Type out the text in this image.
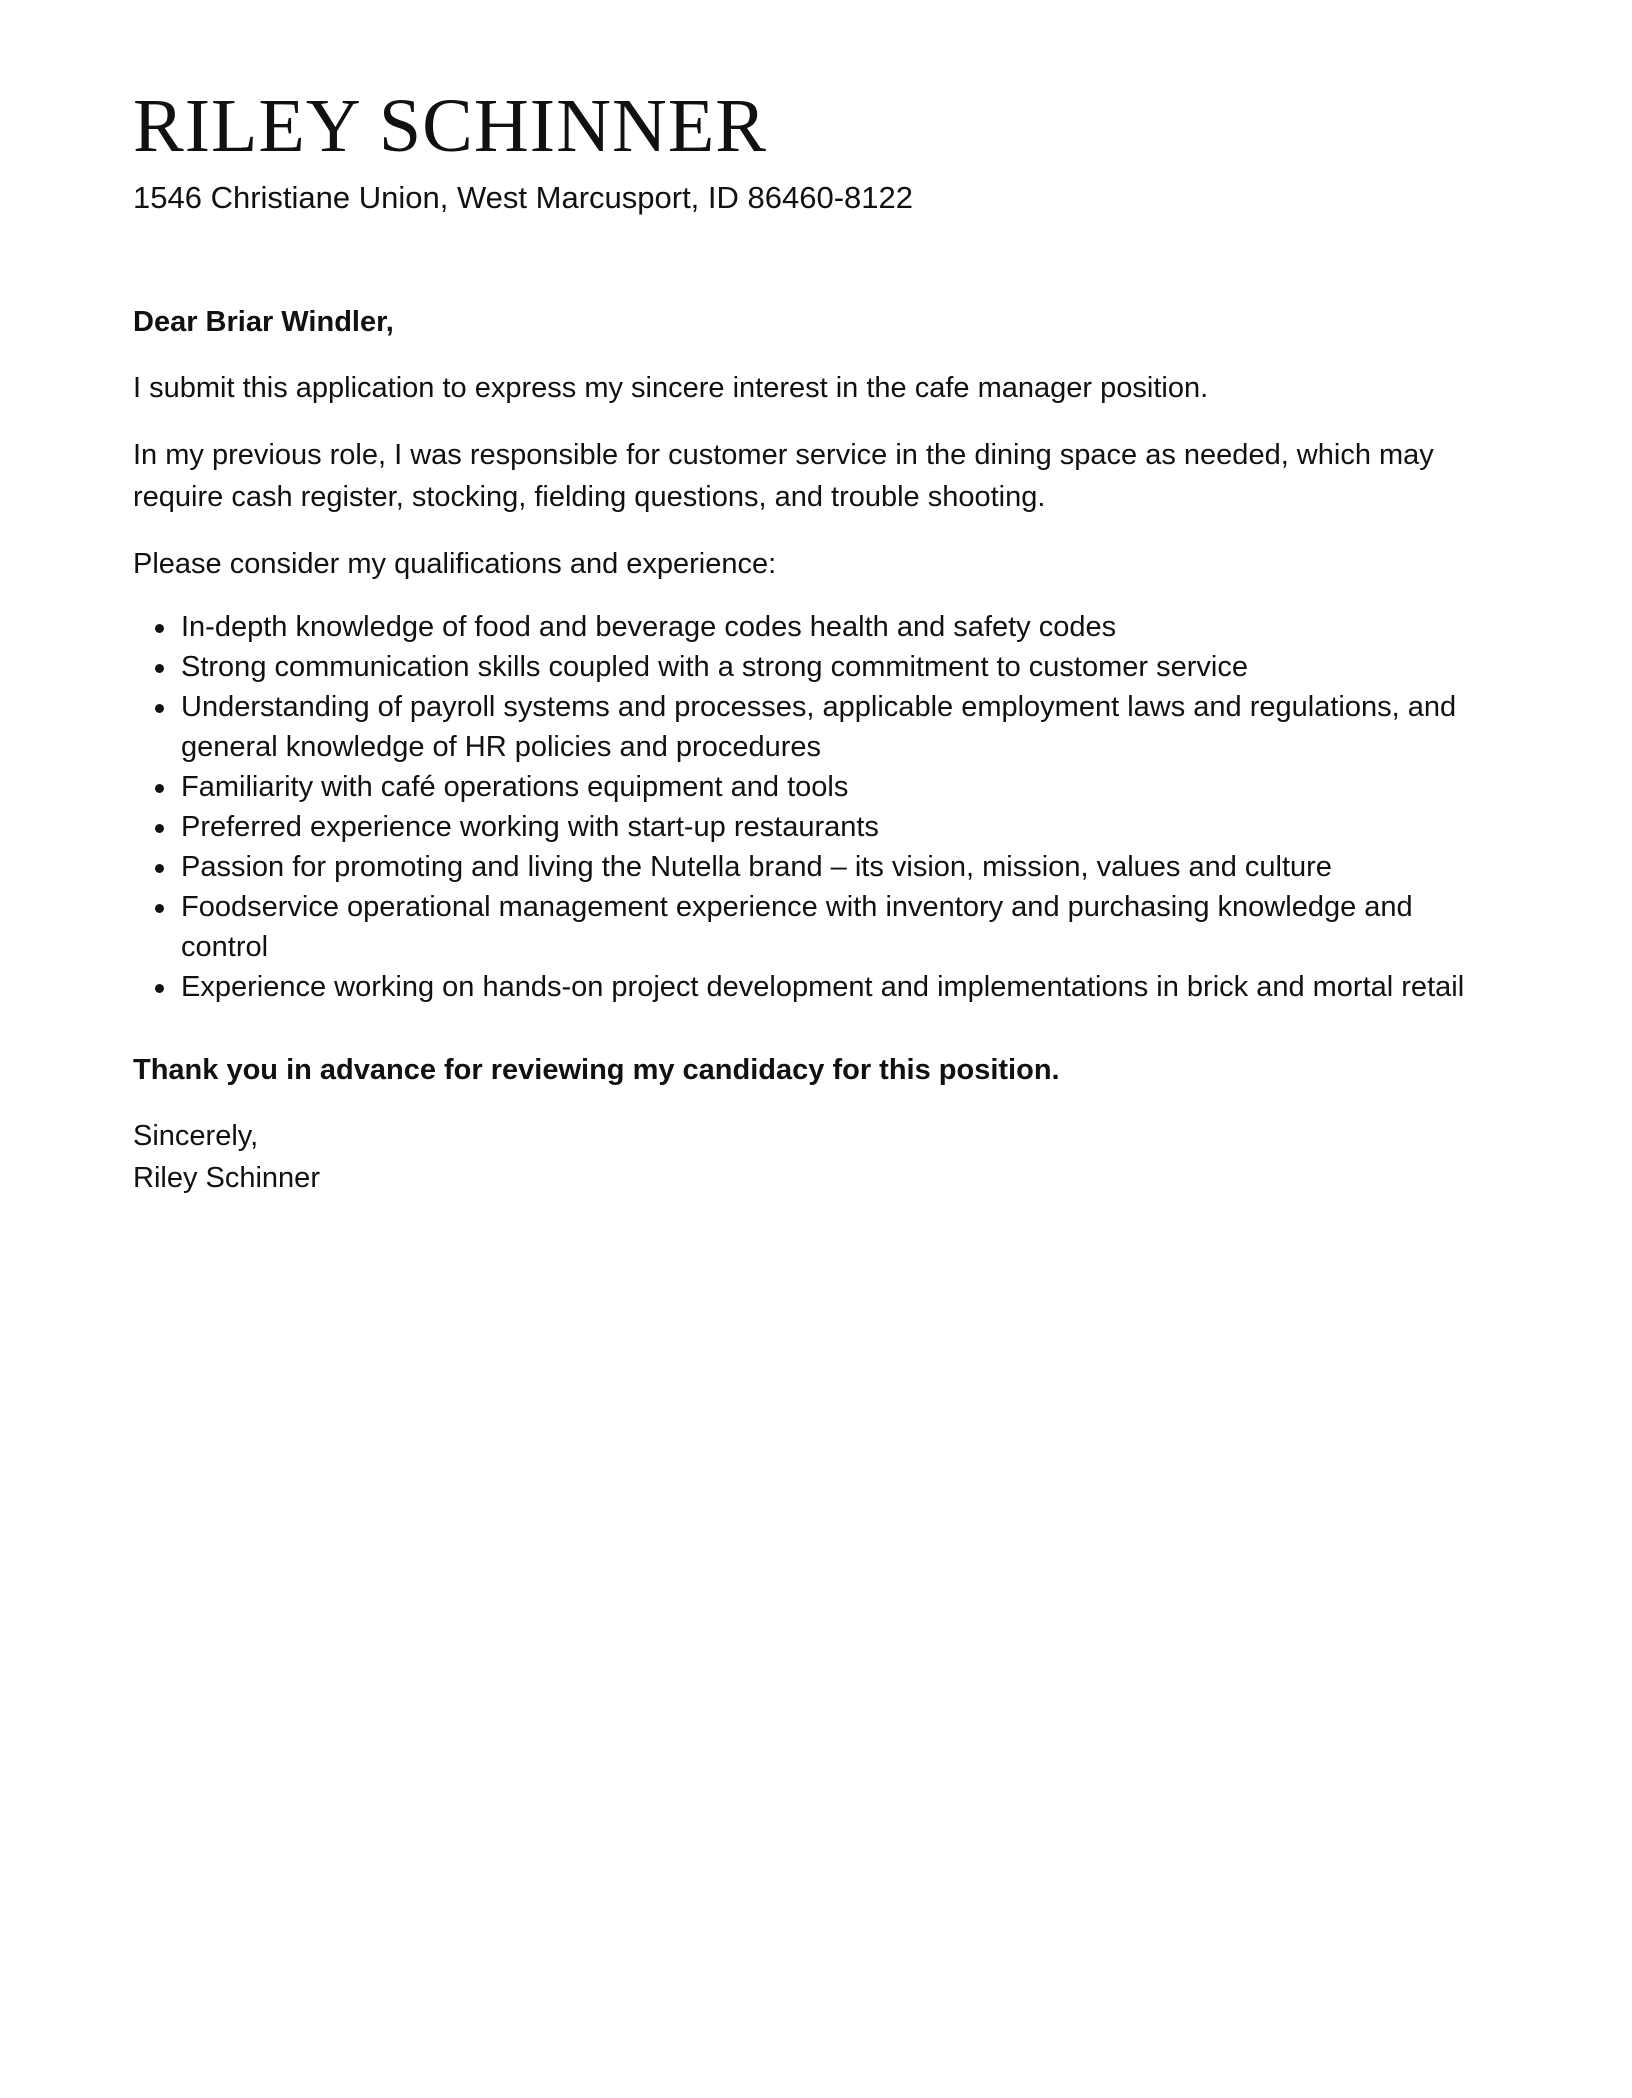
RILEY SCHINNER
1546 Christiane Union, West Marcusport, ID 86460-8122
Dear Briar Windler,
I submit this application to express my sincere interest in the cafe manager position.
In my previous role, I was responsible for customer service in the dining space as needed, which may require cash register, stocking, fielding questions, and trouble shooting.
Please consider my qualifications and experience:
In-depth knowledge of food and beverage codes health and safety codes
Strong communication skills coupled with a strong commitment to customer service
Understanding of payroll systems and processes, applicable employment laws and regulations, and general knowledge of HR policies and procedures
Familiarity with café operations equipment and tools
Preferred experience working with start-up restaurants
Passion for promoting and living the Nutella brand – its vision, mission, values and culture
Foodservice operational management experience with inventory and purchasing knowledge and control
Experience working on hands-on project development and implementations in brick and mortal retail
Thank you in advance for reviewing my candidacy for this position.
Sincerely,
Riley Schinner
